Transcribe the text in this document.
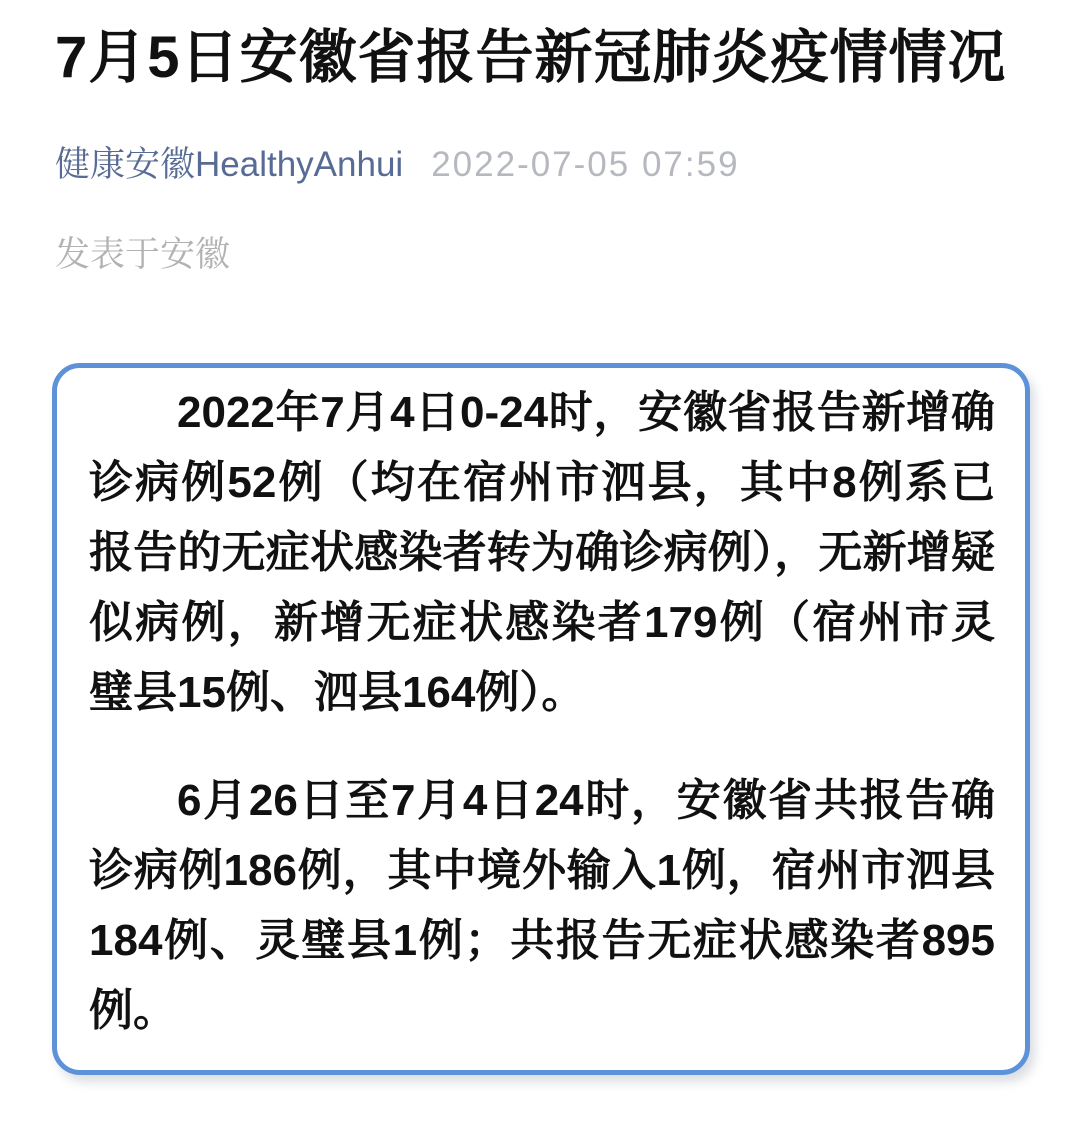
7月5日安徽省报告新冠肺炎疫情情况
健康安徽HealthyAnhui 2022-07-05 07:59
发表于安徽

2022年7月4日0-24时，安徽省报告新增确诊病例52例（均在宿州市泗县，其中8例系已报告的无症状感染者转为确诊病例），无新增疑似病例，新增无症状感染者179例（宿州市灵璧县15例、泗县164例）。

6月26日至7月4日24时，安徽省共报告确诊病例186例，其中境外输入1例，宿州市泗县184例、灵璧县1例；共报告无症状感染者895例。
